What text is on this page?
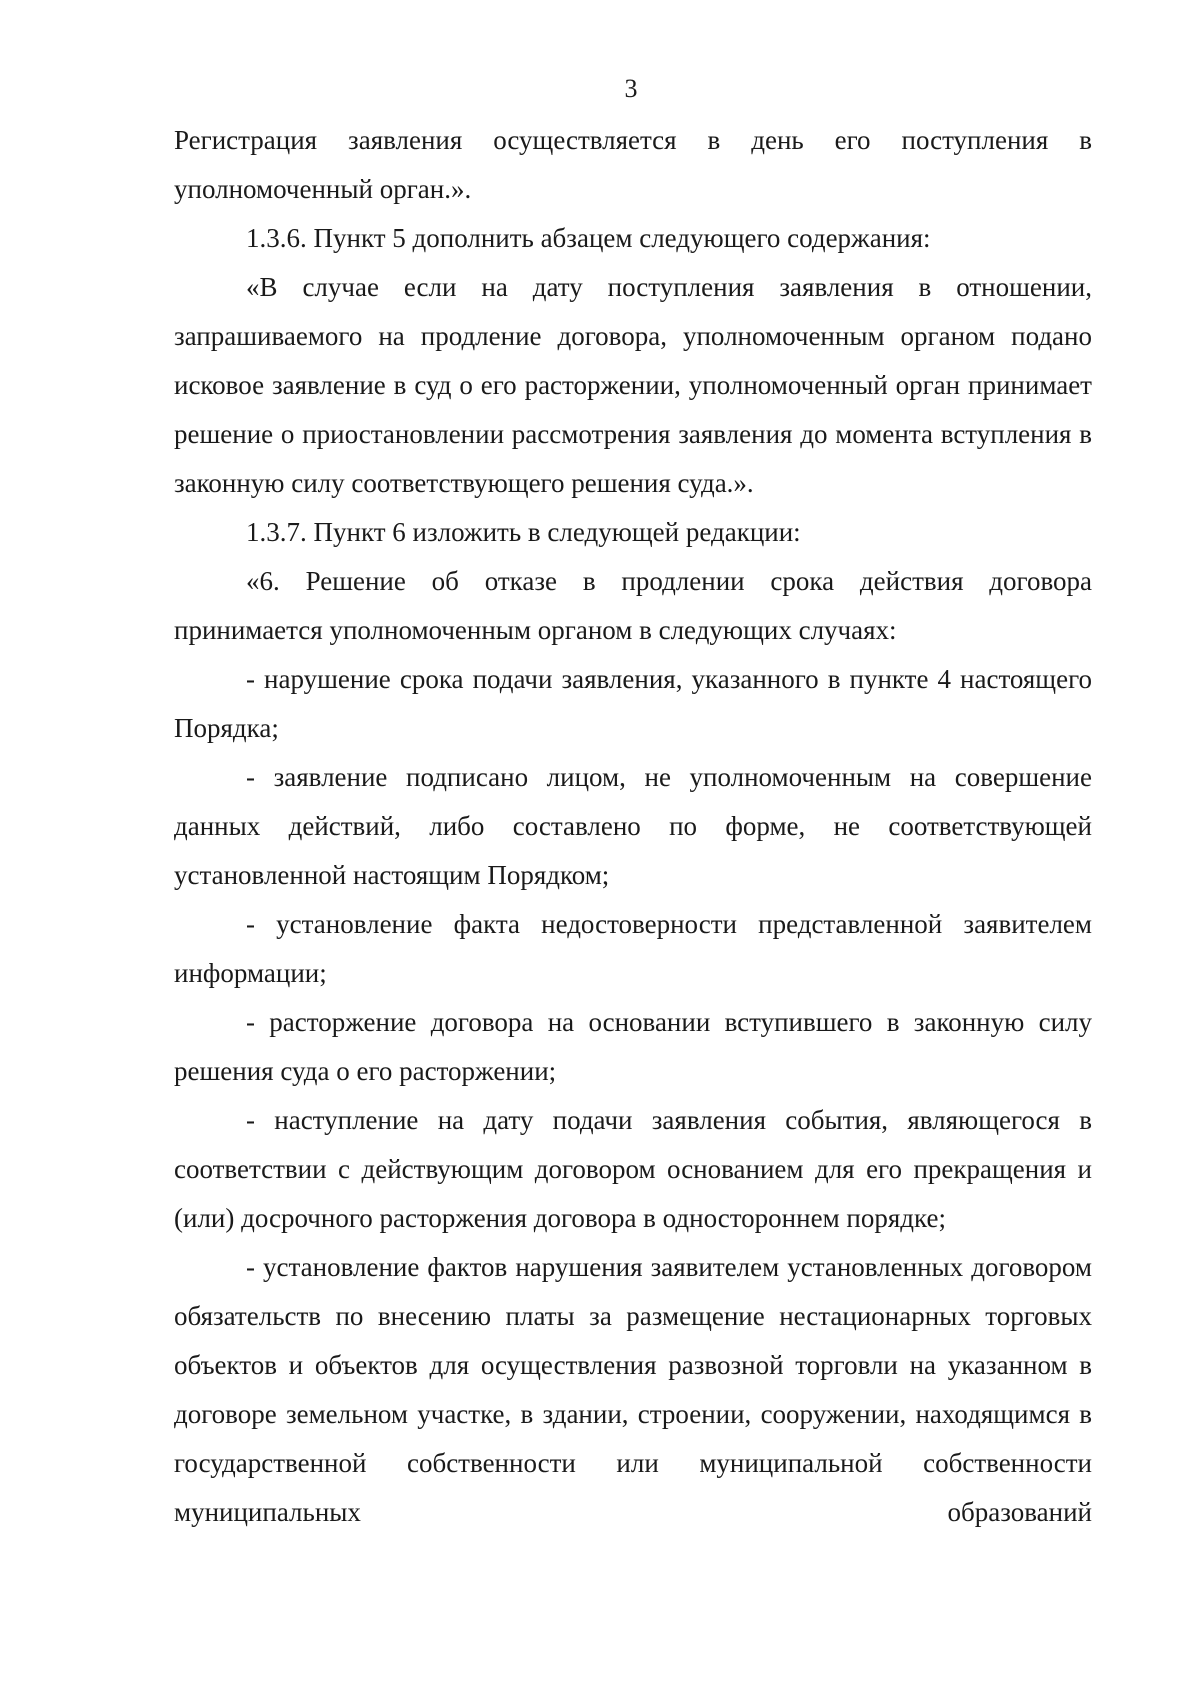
3

Регистрация заявления осуществляется в день его поступления в уполномоченный орган.».

1.3.6. Пункт 5 дополнить абзацем следующего содержания:

«В случае если на дату поступления заявления в отношении, запрашиваемого на продление договора, уполномоченным органом подано исковое заявление в суд о его расторжении, уполномоченный орган принимает решение о приостановлении рассмотрения заявления до момента вступления в законную силу соответствующего решения суда.».

1.3.7. Пункт 6 изложить в следующей редакции:

«6. Решение об отказе в продлении срока действия договора принимается уполномоченным органом в следующих случаях:

- нарушение срока подачи заявления, указанного в пункте 4 настоящего Порядка;

- заявление подписано лицом, не уполномоченным на совершение данных действий, либо составлено по форме, не соответствующей установленной настоящим Порядком;

- установление факта недостоверности представленной заявителем информации;

- расторжение договора на основании вступившего в законную силу решения суда о его расторжении;

- наступление на дату подачи заявления события, являющегося в соответствии с действующим договором основанием для его прекращения и (или) досрочного расторжения договора в одностороннем порядке;

- установление фактов нарушения заявителем установленных договором обязательств по внесению платы за размещение нестационарных торговых объектов и объектов для осуществления развозной торговли на указанном в договоре земельном участке, в здании, строении, сооружении, находящимся в государственной собственности или муниципальной собственности муниципальных образований
